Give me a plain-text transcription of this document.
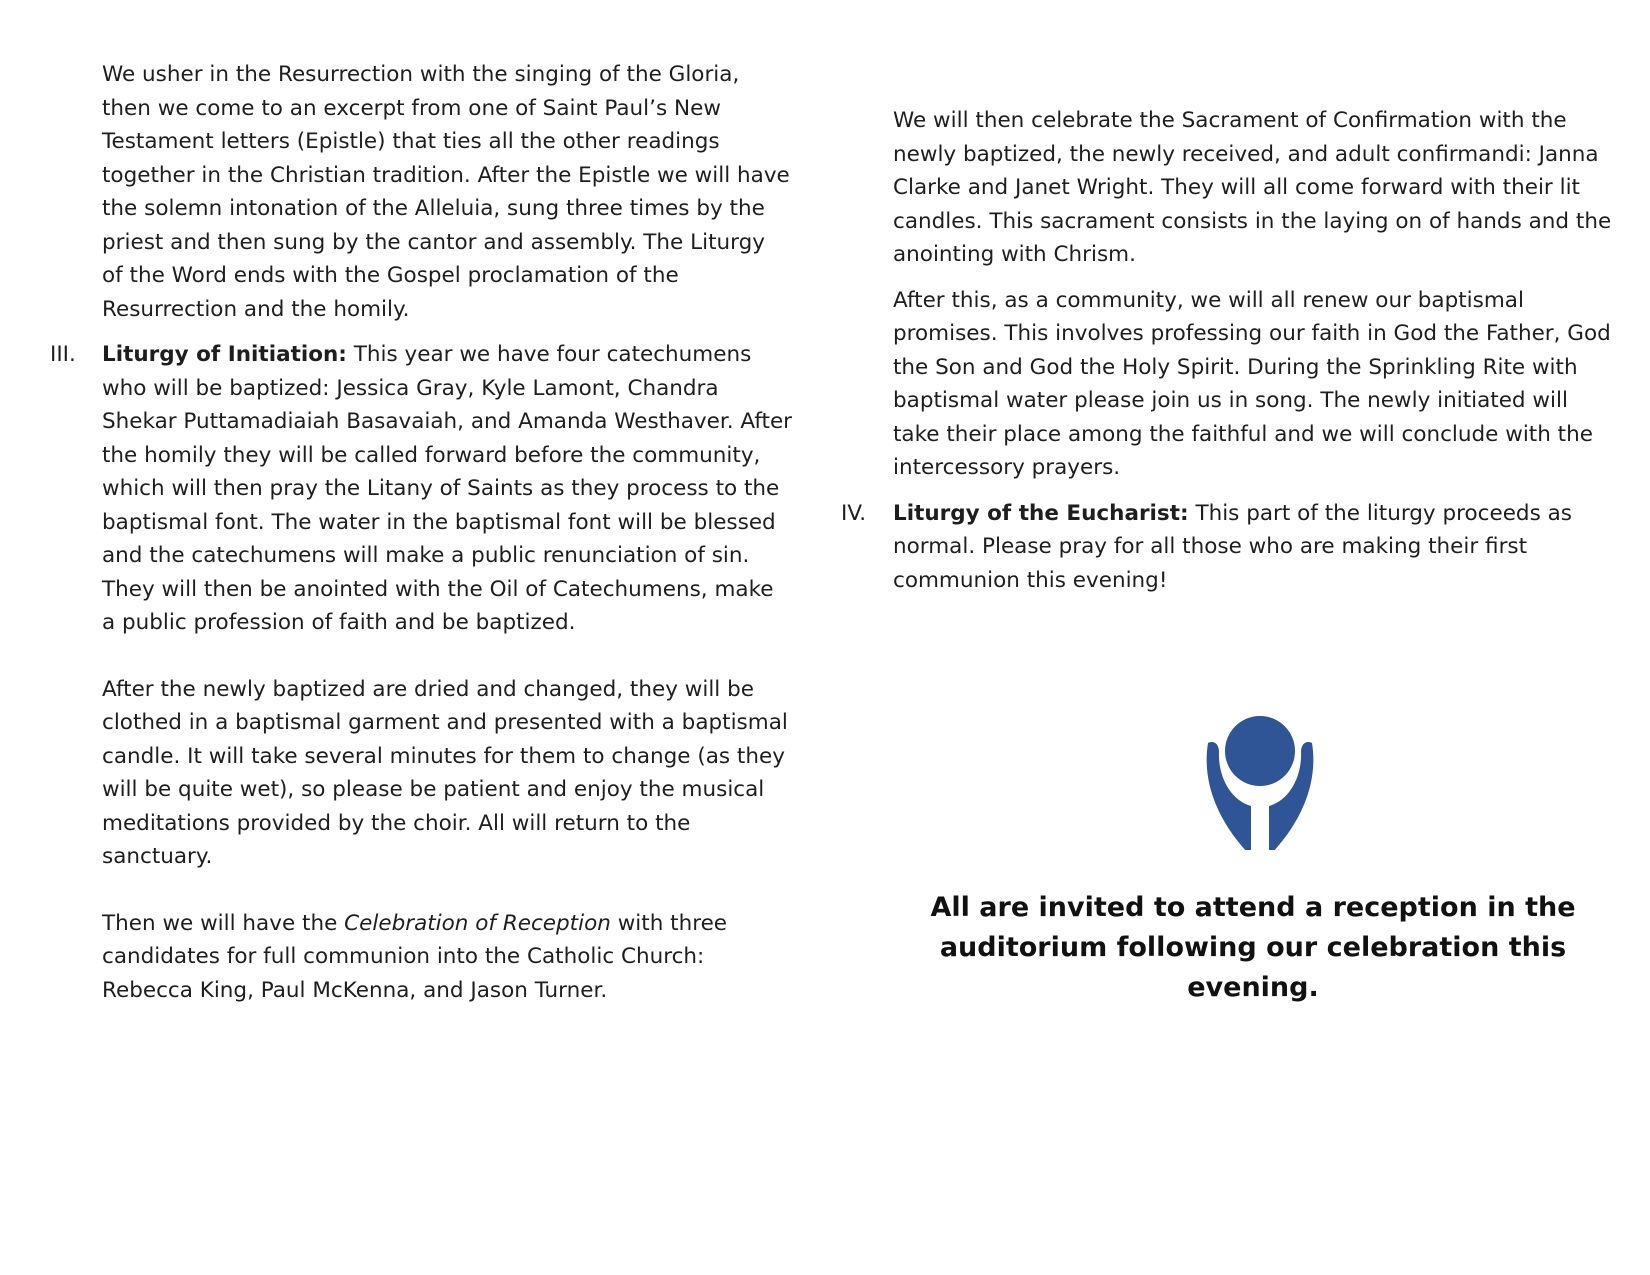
We usher in the Resurrection with the singing of the Gloria, then we come to an excerpt from one of Saint Paul’s New Testament letters (Epistle) that ties all the other readings together in the Christian tradition. After the Epistle we will have the solemn intonation of the Alleluia, sung three times by the priest and then sung by the cantor and assembly. The Liturgy of the Word ends with the Gospel proclamation of the Resurrection and the homily.

III. Liturgy of Initiation: This year we have four catechumens who will be baptized: Jessica Gray, Kyle Lamont, Chandra Shekar Puttamadiaiah Basavaiah, and Amanda Westhaver. After the homily they will be called forward before the community, which will then pray the Litany of Saints as they process to the baptismal font. The water in the baptismal font will be blessed and the catechumens will make a public renunciation of sin. They will then be anointed with the Oil of Catechumens, make a public profession of faith and be baptized.

After the newly baptized are dried and changed, they will be clothed in a baptismal garment and presented with a baptismal candle. It will take several minutes for them to change (as they will be quite wet), so please be patient and enjoy the musical meditations provided by the choir. All will return to the sanctuary.

Then we will have the Celebration of Reception with three candidates for full communion into the Catholic Church: Rebecca King, Paul McKenna, and Jason Turner.

We will then celebrate the Sacrament of Confirmation with the newly baptized, the newly received, and adult confirmandi: Janna Clarke and Janet Wright. They will all come forward with their lit candles. This sacrament consists in the laying on of hands and the anointing with Chrism.

After this, as a community, we will all renew our baptismal promises. This involves professing our faith in God the Father, God the Son and God the Holy Spirit. During the Sprinkling Rite with baptismal water please join us in song. The newly initiated will take their place among the faithful and we will conclude with the intercessory prayers.

IV. Liturgy of the Eucharist: This part of the liturgy proceeds as normal. Please pray for all those who are making their first communion this evening!

All are invited to attend a reception in the auditorium following our celebration this evening.
